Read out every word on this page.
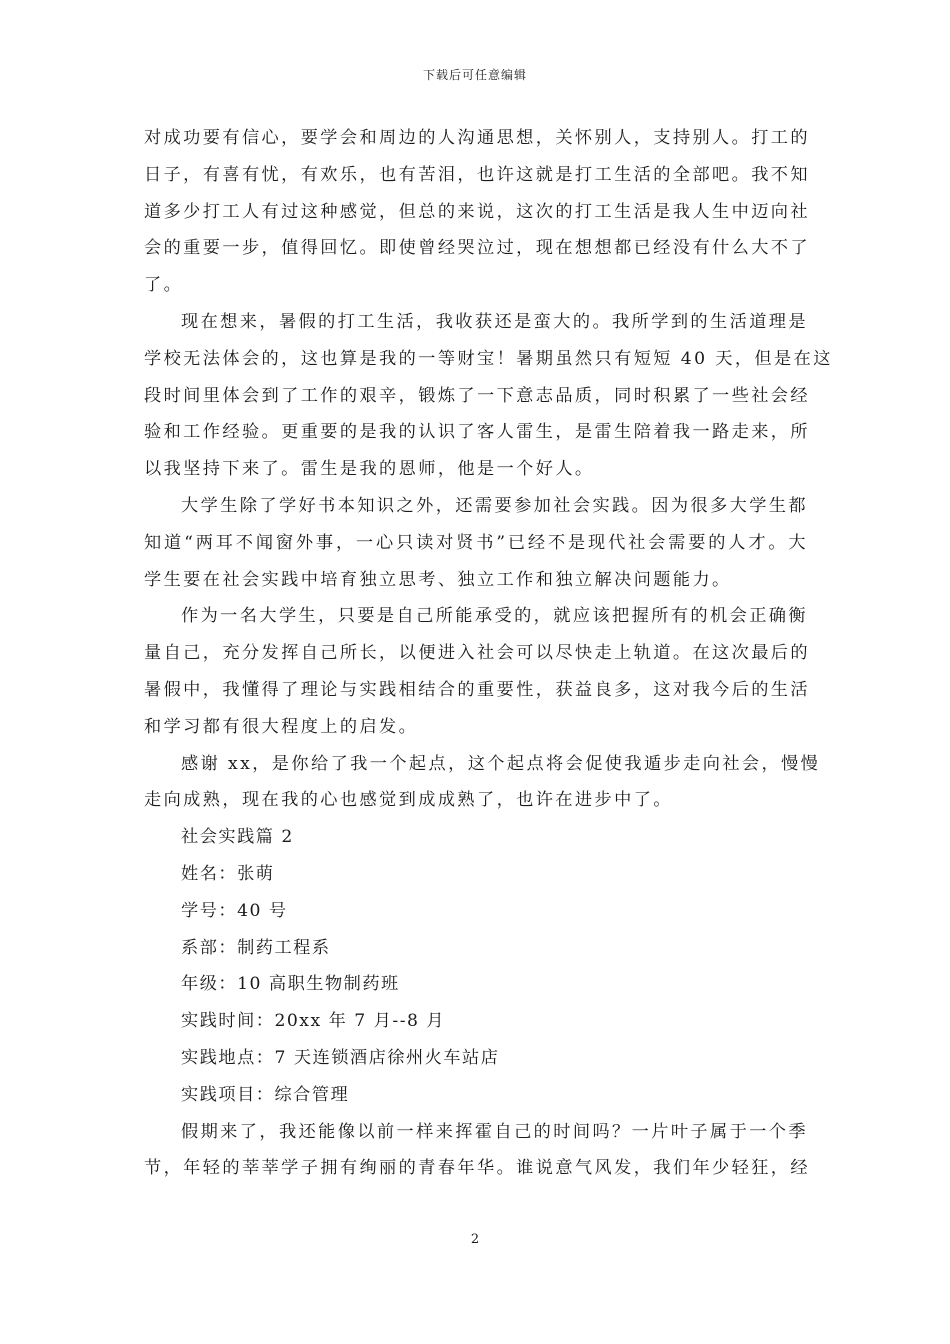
下载后可任意编辑
对成功要有信心，要学会和周边的人沟通思想，关怀别人，支持别人。打工的
日子，有喜有忧，有欢乐，也有苦泪，也许这就是打工生活的全部吧。我不知
道多少打工人有过这种感觉，但总的来说，这次的打工生活是我人生中迈向社
会的重要一步，值得回忆。即使曾经哭泣过，现在想想都已经没有什么大不了
了。
现在想来，暑假的打工生活，我收获还是蛮大的。我所学到的生活道理是
学校无法体会的，这也算是我的一等财宝！暑期虽然只有短短 40 天，但是在这
段时间里体会到了工作的艰辛，锻炼了一下意志品质，同时积累了一些社会经
验和工作经验。更重要的是我的认识了客人雷生，是雷生陪着我一路走来，所
以我坚持下来了。雷生是我的恩师，他是一个好人。
大学生除了学好书本知识之外，还需要参加社会实践。因为很多大学生都
知道“两耳不闻窗外事，一心只读对贤书”已经不是现代社会需要的人才。大
学生要在社会实践中培育独立思考、独立工作和独立解决问题能力。
作为一名大学生，只要是自己所能承受的，就应该把握所有的机会正确衡
量自己，充分发挥自己所长，以便进入社会可以尽快走上轨道。在这次最后的
暑假中，我懂得了理论与实践相结合的重要性，获益良多，这对我今后的生活
和学习都有很大程度上的启发。
感谢 xx，是你给了我一个起点，这个起点将会促使我遁步走向社会，慢慢
走向成熟，现在我的心也感觉到成成熟了，也许在进步中了。

社会实践篇 2

姓名：张萌

学号：40 号

系部：制药工程系

年级：10 高职生物制药班

实践时间：20xx 年 7 月--8 月

实践地点：7 天连锁酒店徐州火车站店

实践项目：综合管理

假期来了，我还能像以前一样来挥霍自己的时间吗？一片叶子属于一个季
节，年轻的莘莘学子拥有绚丽的青春年华。谁说意气风发，我们年少轻狂，经
2
